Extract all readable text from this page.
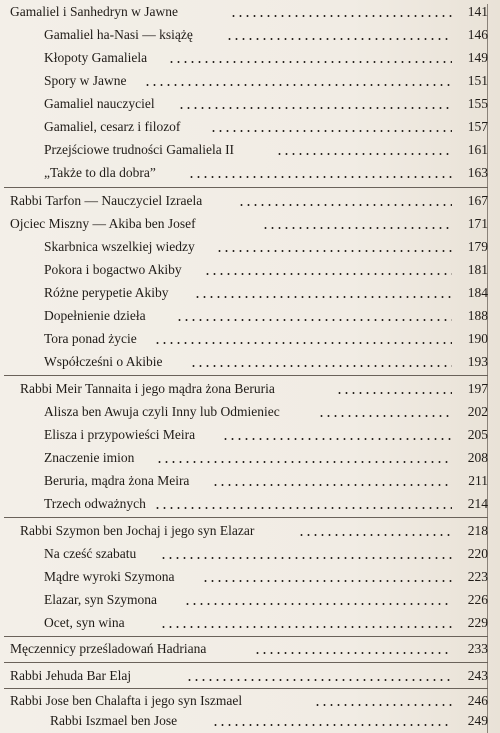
Gamaliel i Sanhedryn w Jawne	141
Gamaliel ha-Nasi — książę	146
Kłopoty Gamaliela	149
Spory w Jawne	151
Gamaliel nauczyciel	155
Gamaliel, cesarz i filozof	157
Przejściowe trudności Gamaliela II	161
„Także to dla dobra”	163
Rabbi Tarfon — Nauczyciel Izraela	167
Ojciec Miszny — Akiba ben Josef	171
Skarbnica wszelkiej wiedzy	179
Pokora i bogactwo Akiby	181
Różne perypetie Akiby	184
Dopełnienie dzieła	188
Tora ponad życie	190
Współcześni o Akibie	193
Rabbi Meir Tannaita i jego mądra żona Beruria	197
Alisza ben Awuja czyli Inny lub Odmieniec	202
Elisza i przypowieści Meira	205
Znaczenie imion	208
Beruria, mądra żona Meira	211
Trzech odważnych	214
Rabbi Szymon ben Jochaj i jego syn Elazar	218
Na cześć szabatu	220
Mądre wyroki Szymona	223
Elazar, syn Szymona	226
Ocet, syn wina	229
Męczennicy prześladowań Hadriana	233
Rabbi Jehuda Bar Elaj	243
Rabbi Jose ben Chalafta i jego syn Iszmael	246
Rabbi Iszmael ben Jose	249
